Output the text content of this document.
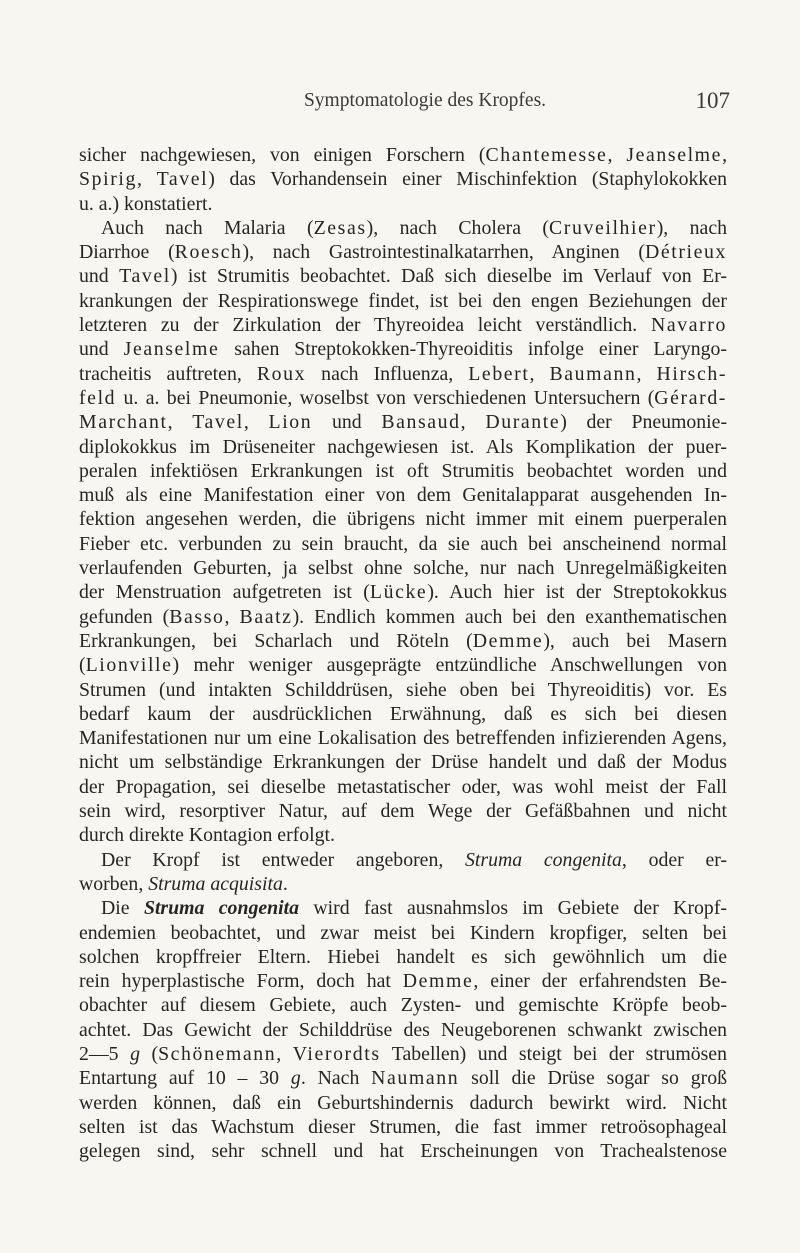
Symptomatologie des Kropfes.	107
sicher nachgewiesen, von einigen Forschern (Chantemesse, Jeanselme,
Spirig, Tavel) das Vorhandensein einer Mischinfektion (Staphylokokken
u. a.) konstatiert.
Auch nach Malaria (Zesas), nach Cholera (Cruveilhier), nach
Diarrhoe (Roesch), nach Gastrointestinalkatarrhen, Anginen (Détrieux
und Tavel) ist Strumitis beobachtet. Daß sich dieselbe im Verlauf von Er-
krankungen der Respirationswege findet, ist bei den engen Beziehungen der
letzteren zu der Zirkulation der Thyreoidea leicht verständlich. Navarro
und Jeanselme sahen Streptokokken-Thyreoiditis infolge einer Laryngo-
tracheitis auftreten, Roux nach Influenza, Lebert, Baumann, Hirsch-
feld u. a. bei Pneumonie, woselbst von verschiedenen Untersuchern (Gérard-
Marchant, Tavel, Lion und Bansaud, Durante) der Pneumonie-
diplokokkus im Drüseneiter nachgewiesen ist. Als Komplikation der puer-
peralen infektiösen Erkrankungen ist oft Strumitis beobachtet worden und
muß als eine Manifestation einer von dem Genitalapparat ausgehenden In-
fektion angesehen werden, die übrigens nicht immer mit einem puerperalen
Fieber etc. verbunden zu sein braucht, da sie auch bei anscheinend normal
verlaufenden Geburten, ja selbst ohne solche, nur nach Unregelmäßigkeiten
der Menstruation aufgetreten ist (Lücke). Auch hier ist der Streptokokkus
gefunden (Basso, Baatz). Endlich kommen auch bei den exanthematischen
Erkrankungen, bei Scharlach und Röteln (Demme), auch bei Masern
(Lionville) mehr weniger ausgeprägte entzündliche Anschwellungen von
Strumen (und intakten Schilddrüsen, siehe oben bei Thyreoiditis) vor. Es
bedarf kaum der ausdrücklichen Erwähnung, daß es sich bei diesen
Manifestationen nur um eine Lokalisation des betreffenden infizierenden Agens,
nicht um selbständige Erkrankungen der Drüse handelt und daß der Modus
der Propagation, sei dieselbe metastatischer oder, was wohl meist der Fall
sein wird, resorptiver Natur, auf dem Wege der Gefäßbahnen und nicht
durch direkte Kontagion erfolgt.
Der Kropf ist entweder angeboren, Struma congenita, oder er-
worben, Struma acquisita.
Die Struma congenita wird fast ausnahmslos im Gebiete der Kropf-
endemien beobachtet, und zwar meist bei Kindern kropfiger, selten bei
solchen kropffreier Eltern. Hiebei handelt es sich gewöhnlich um die
rein hyperplastische Form, doch hat Demme, einer der erfahrendsten Be-
obachter auf diesem Gebiete, auch Zysten- und gemischte Kröpfe beob-
achtet. Das Gewicht der Schilddrüse des Neugeborenen schwankt zwischen
2—5 g (Schönemann, Vierordts Tabellen) und steigt bei der strumösen
Entartung auf 10 – 30 g. Nach Naumann soll die Drüse sogar so groß
werden können, daß ein Geburtshindernis dadurch bewirkt wird. Nicht
selten ist das Wachstum dieser Strumen, die fast immer retroösophageal
gelegen sind, sehr schnell und hat Erscheinungen von Trachealstenose
